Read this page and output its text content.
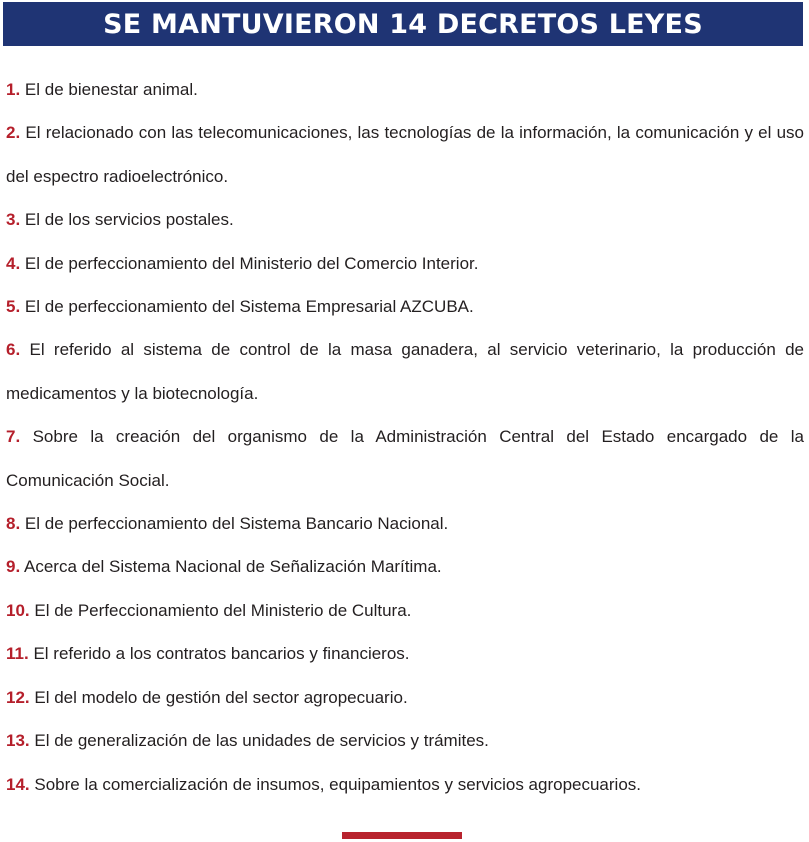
SE MANTUVIERON 14 DECRETOS LEYES
1. El de bienestar animal.
2. El relacionado con las telecomunicaciones, las tecnologías de la información, la comunicación y el uso del espectro radioelectrónico.
3. El de los servicios postales.
4. El de perfeccionamiento del Ministerio del Comercio Interior.
5. El de perfeccionamiento del Sistema Empresarial AZCUBA.
6. El referido al sistema de control de la masa ganadera, al servicio veterinario, la producción de medicamentos y la biotecnología.
7. Sobre la creación del organismo de la Administración Central del Estado encargado de la Comunicación Social.
8. El de perfeccionamiento del Sistema Bancario Nacional.
9. Acerca del Sistema Nacional de Señalización Marítima.
10. El de Perfeccionamiento del Ministerio de Cultura.
11. El referido a los contratos bancarios y financieros.
12. El del modelo de gestión del sector agropecuario.
13. El de generalización de las unidades de servicios y trámites.
14. Sobre la comercialización de insumos, equipamientos y servicios agropecuarios.
